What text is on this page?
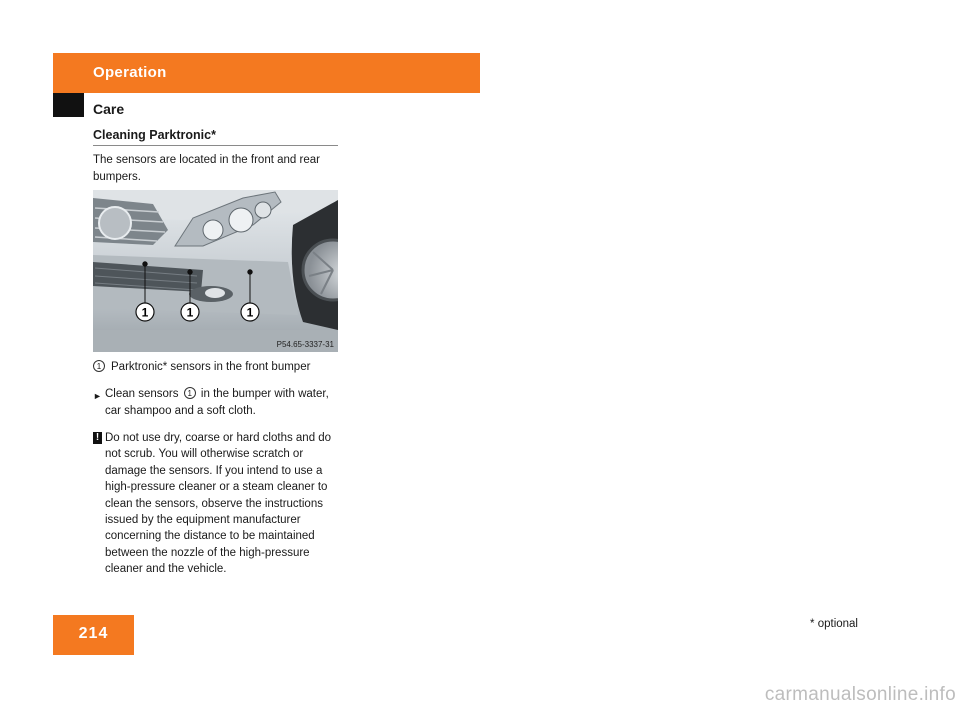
Operation
Care
Cleaning Parktronic*
The sensors are located in the front and rear bumpers.
1	1	1
P54.65-3337-31
1 Parktronic* sensors in the front bumper
► Clean sensors 1 in the bumper with water, car shampoo and a soft cloth.
! Do not use dry, coarse or hard cloths and do not scrub. You will otherwise scratch or damage the sensors. If you intend to use a high-pressure cleaner or a steam cleaner to clean the sensors, observe the instructions issued by the equipment manufacturer concerning the distance to be maintained between the nozzle of the high-pressure cleaner and the vehicle.
214
* optional
carmanualsonline.info
